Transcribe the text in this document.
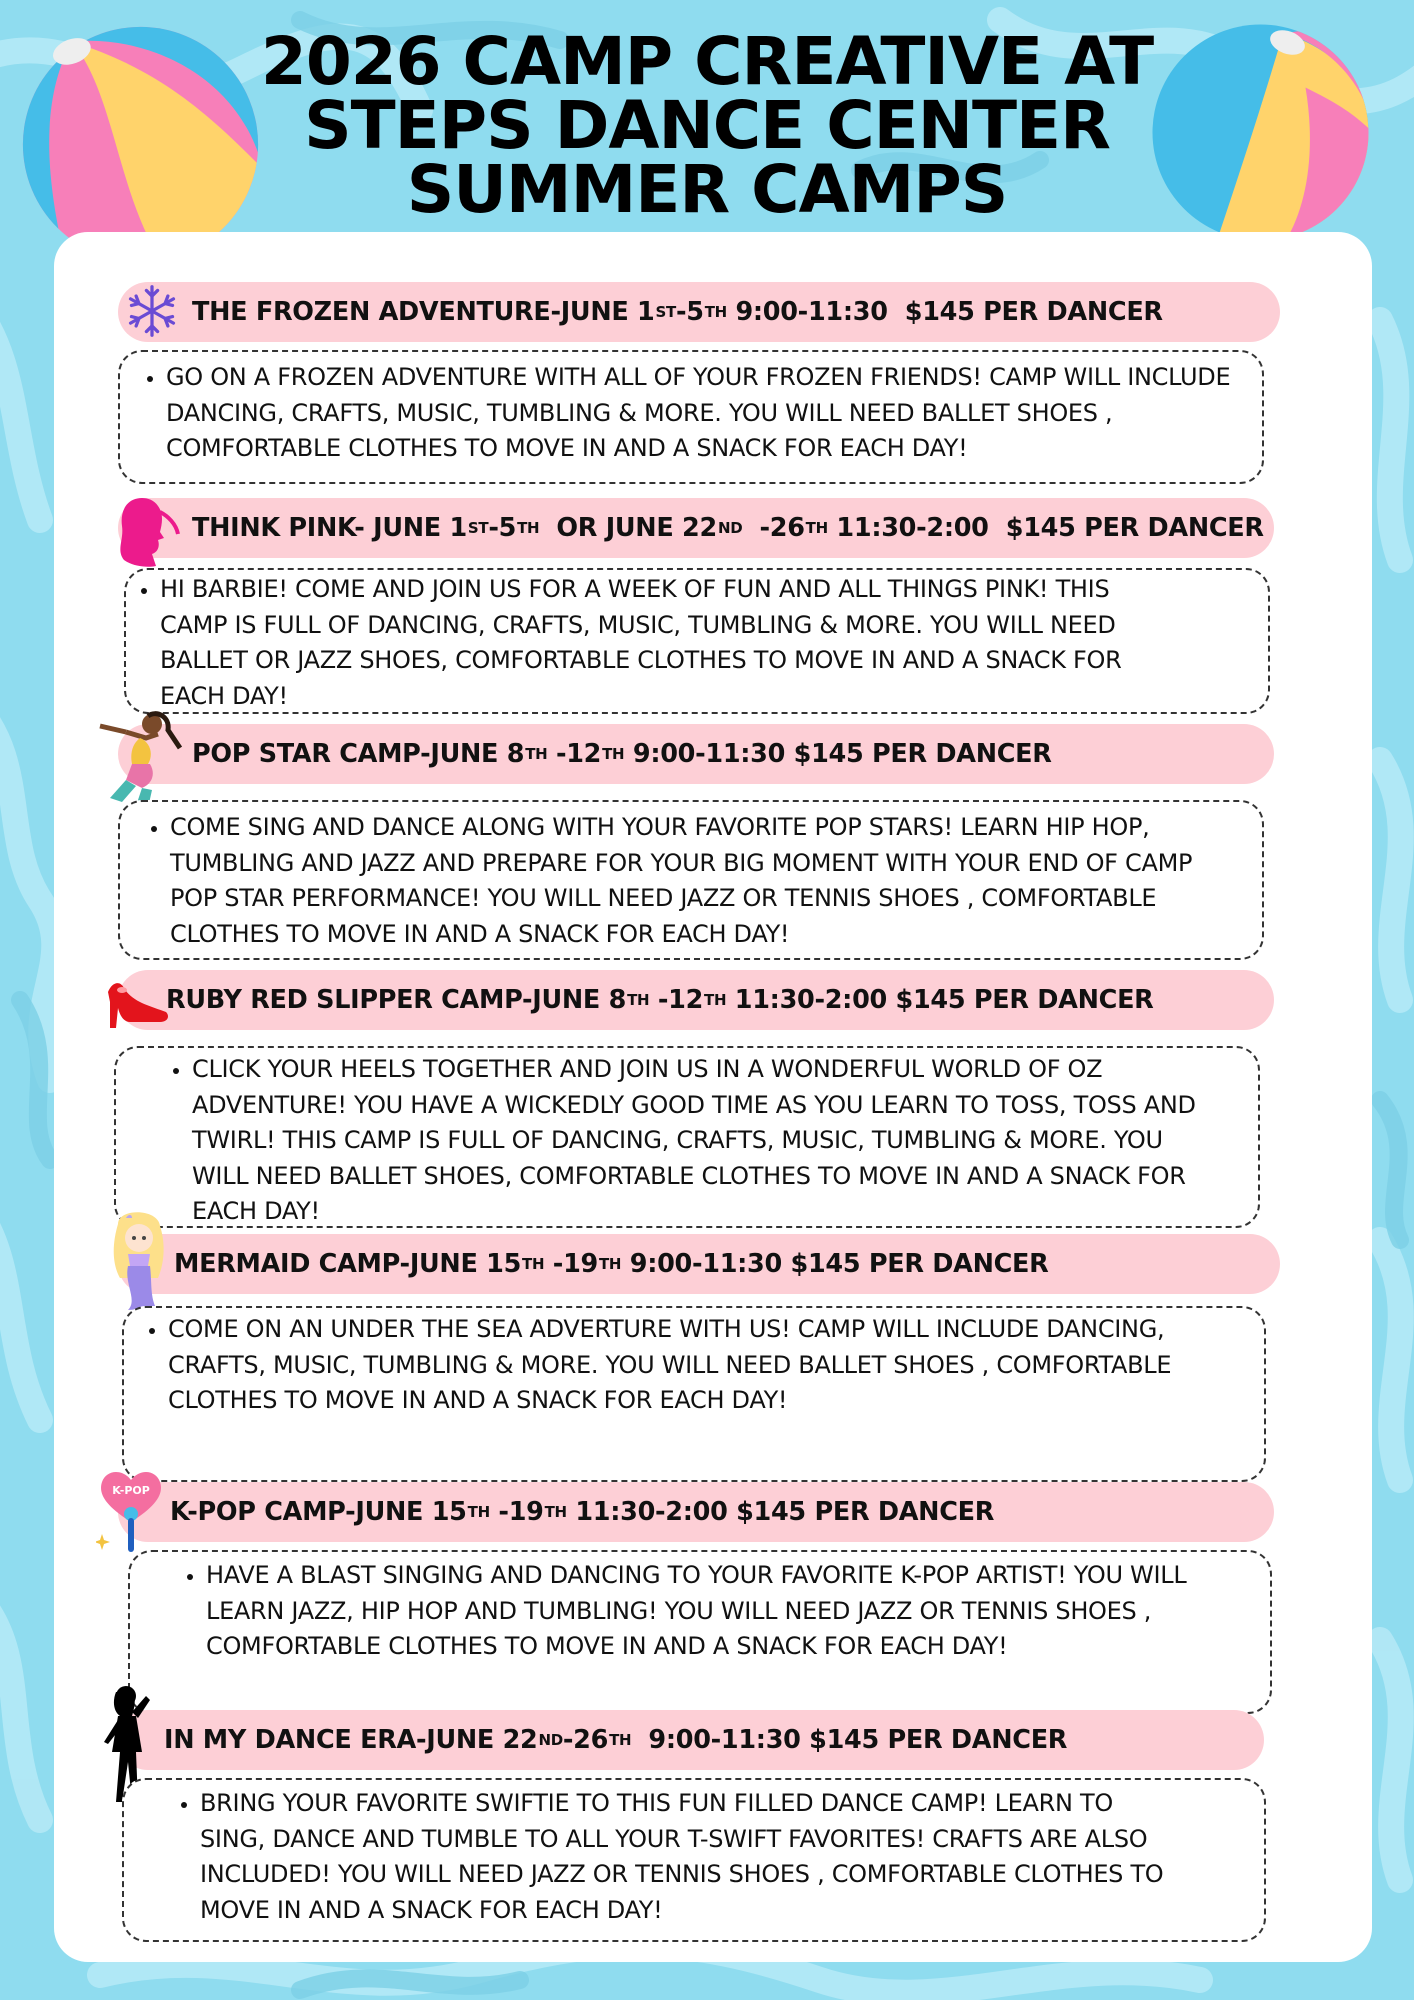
2026 CAMP CREATIVE AT
STEPS DANCE CENTER
SUMMER CAMPS
THE FROZEN ADVENTURE-JUNE 1 ST -5 TH 9:00-11:30  $145 PER DANCER
• GO ON A FROZEN ADVENTURE WITH ALL OF YOUR FROZEN FRIENDS! CAMP WILL INCLUDE DANCING, CRAFTS, MUSIC, TUMBLING & MORE. YOU WILL NEED BALLET SHOES , COMFORTABLE CLOTHES TO MOVE IN AND A SNACK FOR EACH DAY!
THINK PINK- JUNE 1 ST -5 TH OR JUNE 22 ND -26 TH 11:30-2:00  $145 PER DANCER
• HI BARBIE! COME AND JOIN US FOR A WEEK OF FUN AND ALL THINGS PINK! THIS CAMP IS FULL OF DANCING, CRAFTS, MUSIC, TUMBLING & MORE. YOU WILL NEED BALLET OR JAZZ SHOES, COMFORTABLE CLOTHES TO MOVE IN AND A SNACK FOR EACH DAY!
POP STAR CAMP-JUNE 8 TH -12 TH 9:00-11:30 $145 PER DANCER
• COME SING AND DANCE ALONG WITH YOUR FAVORITE POP STARS! LEARN HIP HOP, TUMBLING AND JAZZ AND PREPARE FOR YOUR BIG MOMENT WITH YOUR END OF CAMP POP STAR PERFORMANCE! YOU WILL NEED JAZZ OR TENNIS SHOES , COMFORTABLE CLOTHES TO MOVE IN AND A SNACK FOR EACH DAY!
RUBY RED SLIPPER CAMP-JUNE 8 TH -12 TH 11:30-2:00 $145 PER DANCER
• CLICK YOUR HEELS TOGETHER AND JOIN US IN A WONDERFUL WORLD OF OZ ADVENTURE! YOU HAVE A WICKEDLY GOOD TIME AS YOU LEARN TO TOSS, TOSS AND TWIRL! THIS CAMP IS FULL OF DANCING, CRAFTS, MUSIC, TUMBLING & MORE. YOU WILL NEED BALLET SHOES, COMFORTABLE CLOTHES TO MOVE IN AND A SNACK FOR EACH DAY!
MERMAID CAMP-JUNE 15 TH -19 TH 9:00-11:30 $145 PER DANCER
• COME ON AN UNDER THE SEA ADVERTURE WITH US! CAMP WILL INCLUDE DANCING, CRAFTS, MUSIC, TUMBLING & MORE. YOU WILL NEED BALLET SHOES , COMFORTABLE CLOTHES TO MOVE IN AND A SNACK FOR EACH DAY!
K-POP CAMP-JUNE 15 TH -19 TH 11:30-2:00 $145 PER DANCER
K-POP
• HAVE A BLAST SINGING AND DANCING TO YOUR FAVORITE K-POP ARTIST! YOU WILL LEARN JAZZ, HIP HOP AND TUMBLING! YOU WILL NEED JAZZ OR TENNIS SHOES , COMFORTABLE CLOTHES TO MOVE IN AND A SNACK FOR EACH DAY!
IN MY DANCE ERA-JUNE 22 ND -26 TH 9:00-11:30 $145 PER DANCER
• BRING YOUR FAVORITE SWIFTIE TO THIS FUN FILLED DANCE CAMP! LEARN TO SING, DANCE AND TUMBLE TO ALL YOUR T-SWIFT FAVORITES! CRAFTS ARE ALSO INCLUDED! YOU WILL NEED JAZZ OR TENNIS SHOES , COMFORTABLE CLOTHES TO MOVE IN AND A SNACK FOR EACH DAY!
